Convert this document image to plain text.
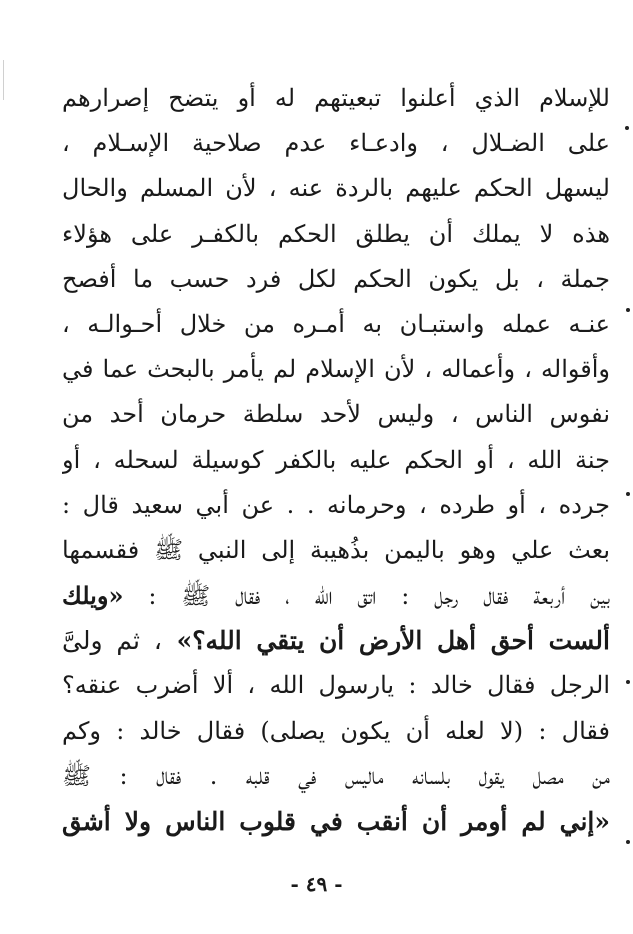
للإسلام الذي أعلنوا تبعيتهم له أو يتضح إصرارهم
على الضـلال ، وادعـاء عدم صلاحية الإسـلام ،
ليسهل الحكم عليهم بالردة عنه ، لأن المسلم والحال
هذه لا يملك أن يطلق الحكم بالكفـر على هؤلاء
جملة ، بل يكون الحكم لكل فرد حسب ما أفصح
عنـه عمله واستبـان به أمـره من خلال أحـوالـه ،
وأقواله ، وأعماله ، لأن الإسلام لم يأمر بالبحث عما في
نفوس الناس ، وليس لأحد سلطة حرمان أحد من
جنة الله ، أو الحكم عليه بالكفر كوسيلة لسحله ، أو
جرده ، أو طرده ، وحرمانه . . عن أبي سعيد قال :
بعث علي وهو باليمن بذُهيبة إلى النبي ﷺ فقسمها
بين أربعة فقال رجل : اتق الله ، فقال ﷺ : «ويلك
ألست أحق أهل الأرض أن يتقي الله؟» ، ثم ولىَّ
الرجل فقال خالد : يارسول الله ، ألا أضرب عنقه؟
فقال : (لا لعله أن يكون يصلى) فقال خالد : وكم
من مصل يقول بلسانه ماليس في قلبه . فقال : ﷺ
«إني لم أومر أن أنقب في قلوب الناس ولا أشق
- ٤٩ -
